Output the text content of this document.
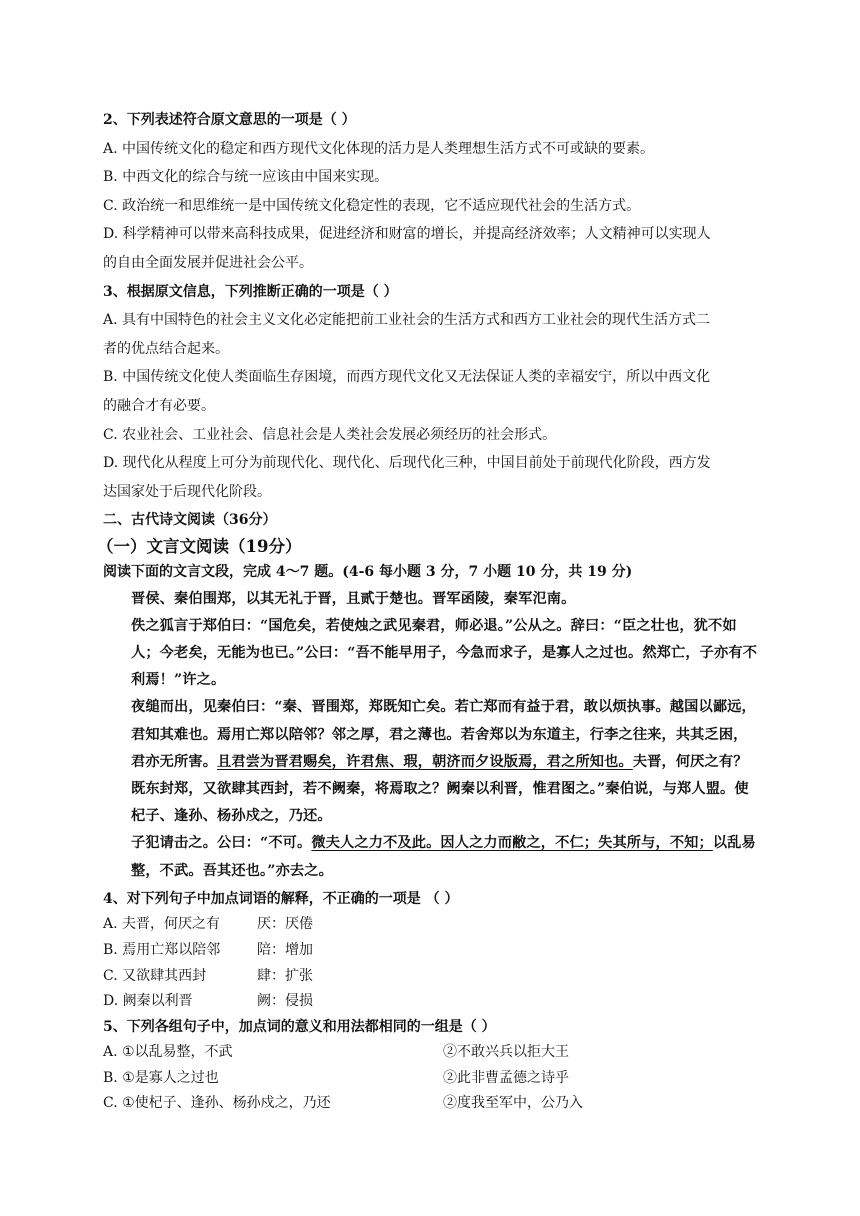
2、下列表述符合原文意思的一项是（ ）
A. 中国传统文化的稳定和西方现代文化体现的活力是人类理想生活方式不可或缺的要素。
B. 中西文化的综合与统一应该由中国来实现。
C. 政治统一和思维统一是中国传统文化稳定性的表现，它不适应现代社会的生活方式。
D. 科学精神可以带来高科技成果，促进经济和财富的增长，并提高经济效率；人文精神可以实现人
的自由全面发展并促进社会公平。
3、根据原文信息，下列推断正确的一项是（ ）
A. 具有中国特色的社会主义文化必定能把前工业社会的生活方式和西方工业社会的现代生活方式二
者的优点结合起来。
B. 中国传统文化使人类面临生存困境，而西方现代文化又无法保证人类的幸福安宁，所以中西文化
的融合才有必要。
C. 农业社会、工业社会、信息社会是人类社会发展必须经历的社会形式。
D. 现代化从程度上可分为前现代化、现代化、后现代化三种，中国目前处于前现代化阶段，西方发
达国家处于后现代化阶段。
二、古代诗文阅读（36分）
（一）文言文阅读（19分）
阅读下面的文言文段，完成 4～7 题。(4-6 每小题 3 分，7 小题 10 分，共 19 分)
晋侯、秦伯围郑，以其无礼于晋，且贰于楚也。晋军函陵，秦军氾南。
佚之狐言于郑伯曰：“国危矣，若使烛之武见秦君，师必退。”公从之。辞曰：“臣之壮也，犹不如人；今老矣，无能为也已。”公曰：“吾不能早用子，今急而求子，是寡人之过也。然郑亡，子亦有不利焉！”许之。
夜缒而出，见秦伯曰：“秦、晋围郑，郑既知亡矣。若亡郑而有益于君，敢以烦执事。越国以鄙远，君知其难也。焉用亡郑以陪邻？邻之厚，君之薄也。若舍郑以为东道主，行李之往来，共其乏困，君亦无所害。且君尝为晋君赐矣，许君焦、瑕，朝济而夕设版焉，君之所知也。夫晋，何厌之有？既东封郑，又欲肆其西封，若不阙秦，将焉取之？阙秦以利晋，惟君图之。”秦伯说，与郑人盟。使杞子、逢孙、杨孙戍之，乃还。
子犯请击之。公曰：“不可。微夫人之力不及此。因人之力而敝之，不仁；失其所与，不知；以乱易整，不武。吾其还也。”亦去之。
4、对下列句子中加点词语的解释，不正确的一项是 （ ）
A. 夫晋，何厌之有	厌：厌倦
B. 焉用亡郑以陪邻	陪：增加
C. 又欲肆其西封	肆：扩张
D. 阙秦以利晋	阙：侵损
5、下列各组句子中，加点词的意义和用法都相同的一组是（ ）
A. ①以乱易整，不武	②不敢兴兵以拒大王
B. ①是寡人之过也	②此非曹孟德之诗乎
C. ①使杞子、逢孙、杨孙戍之，乃还	②度我至军中，公乃入
